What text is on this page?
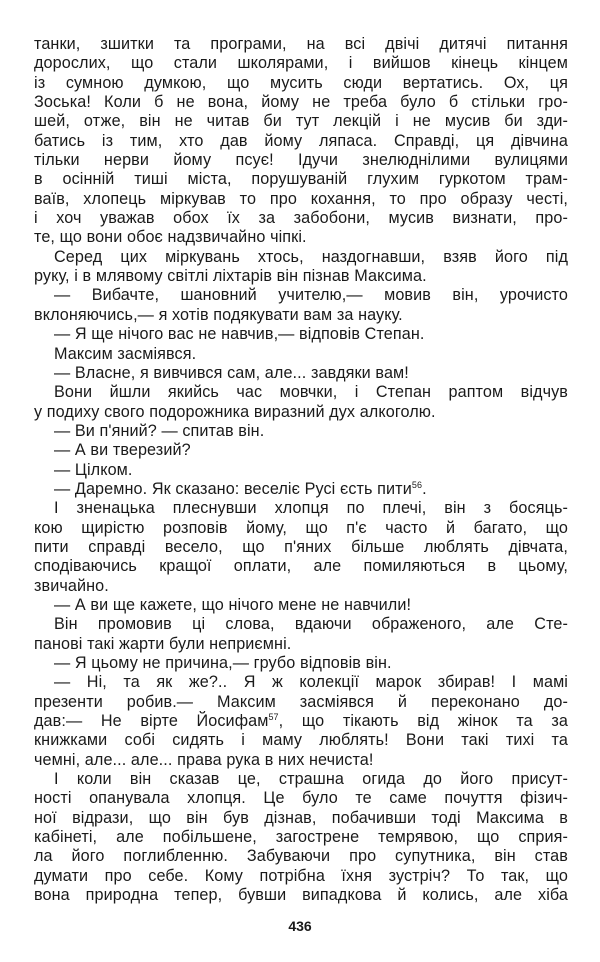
танки, зшитки та програми, на всі двічі дитячі питання
дорослих, що стали школярами, і вийшов кінець кінцем
із сумною думкою, що мусить сюди вертатись. Ох, ця
Зоська! Коли б не вона, йому не треба було б стільки гро-
шей, отже, він не читав би тут лекцій і не мусив би зди-
батись із тим, хто дав йому ляпаса. Справді, ця дівчина
тільки нерви йому псує! Ідучи знелюднілими вулицями
в осінній тиші міста, порушуваній глухим гуркотом трам-
ваїв, хлопець міркував то про кохання, то про образу честі,
і хоч уважав обох їх за забобони, мусив визнати, про-
те, що вони обоє надзвичайно чіпкі.
Серед цих міркувань хтось, наздогнавши, взяв його під
руку, і в млявому світлі ліхтарів він пізнав Максима.
— Вибачте, шановний учителю,— мовив він, урочисто
вклоняючись,— я хотів подякувати вам за науку.
— Я ще нічого вас не навчив,— відповів Степан.
Максим засміявся.
— Власне, я вивчився сам, але... завдяки вам!
Вони йшли якийсь час мовчки, і Степан раптом відчув
у подиху свого подорожника виразний дух алкоголю.
— Ви п'яний? — спитав він.
— А ви тверезий?
— Цілком.
— Даремно. Як сказано: веселіє Русі єсть пити$^{56}$.
І зненацька плеснувши хлопця по плечі, він з босяць-
кою щирістю розповів йому, що п'є часто й багато, що
пити справді весело, що п'яних більше люблять дівчата,
сподіваючись кращої оплати, але помиляються в цьому,
звичайно.
— А ви ще кажете, що нічого мене не навчили!
Він промовив ці слова, вдаючи ображеного, але Сте-
панові такі жарти були неприємні.
— Я цьому не причина,— грубо відповів він.
— Ні, та як же?.. Я ж колекції марок збирав! І мамі
презенти робив.— Максим засміявся й переконано до-
дав:— Не вірте Йосифам$^{57}$, що тікають від жінок та за
книжками собі сидять і маму люблять! Вони такі тихі та
чемні, але... але... права рука в них нечиста!
І коли він сказав це, страшна огида до його присут-
ності опанувала хлопця. Це було те саме почуття фізич-
ної відрази, що він був дізнав, побачивши тоді Максима в
кабінеті, але побільшене, загострене темрявою, що сприя-
ла його поглибленню. Забуваючи про супутника, він став
думати про себе. Кому потрібна їхня зустріч? То так, що
вона природна тепер, бувши випадкова й колись, але хіба
436
